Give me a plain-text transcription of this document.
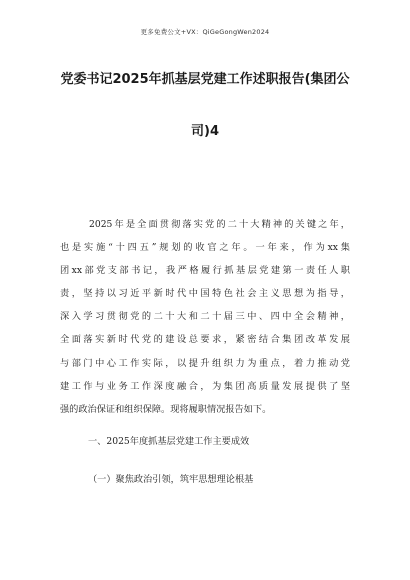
更多免费公文+VX：QiGeGongWen2024
党委书记2025年抓基层党建工作述职报告(集团公
司)4
2025年是全面贯彻落实党的二十大精神的关键之年，
也是实施“十四五”规划的收官之年。一年来，作为xx集
团xx部党支部书记，我严格履行抓基层党建第一责任人职
责，坚持以习近平新时代中国特色社会主义思想为指导，
深入学习贯彻党的二十大和二十届三中、四中全会精神，
全面落实新时代党的建设总要求，紧密结合集团改革发展
与部门中心工作实际，以提升组织力为重点，着力推动党
建工作与业务工作深度融合，为集团高质量发展提供了坚
强的政治保证和组织保障。现将履职情况报告如下。
一、2025年度抓基层党建工作主要成效
（一）聚焦政治引领，筑牢思想理论根基
